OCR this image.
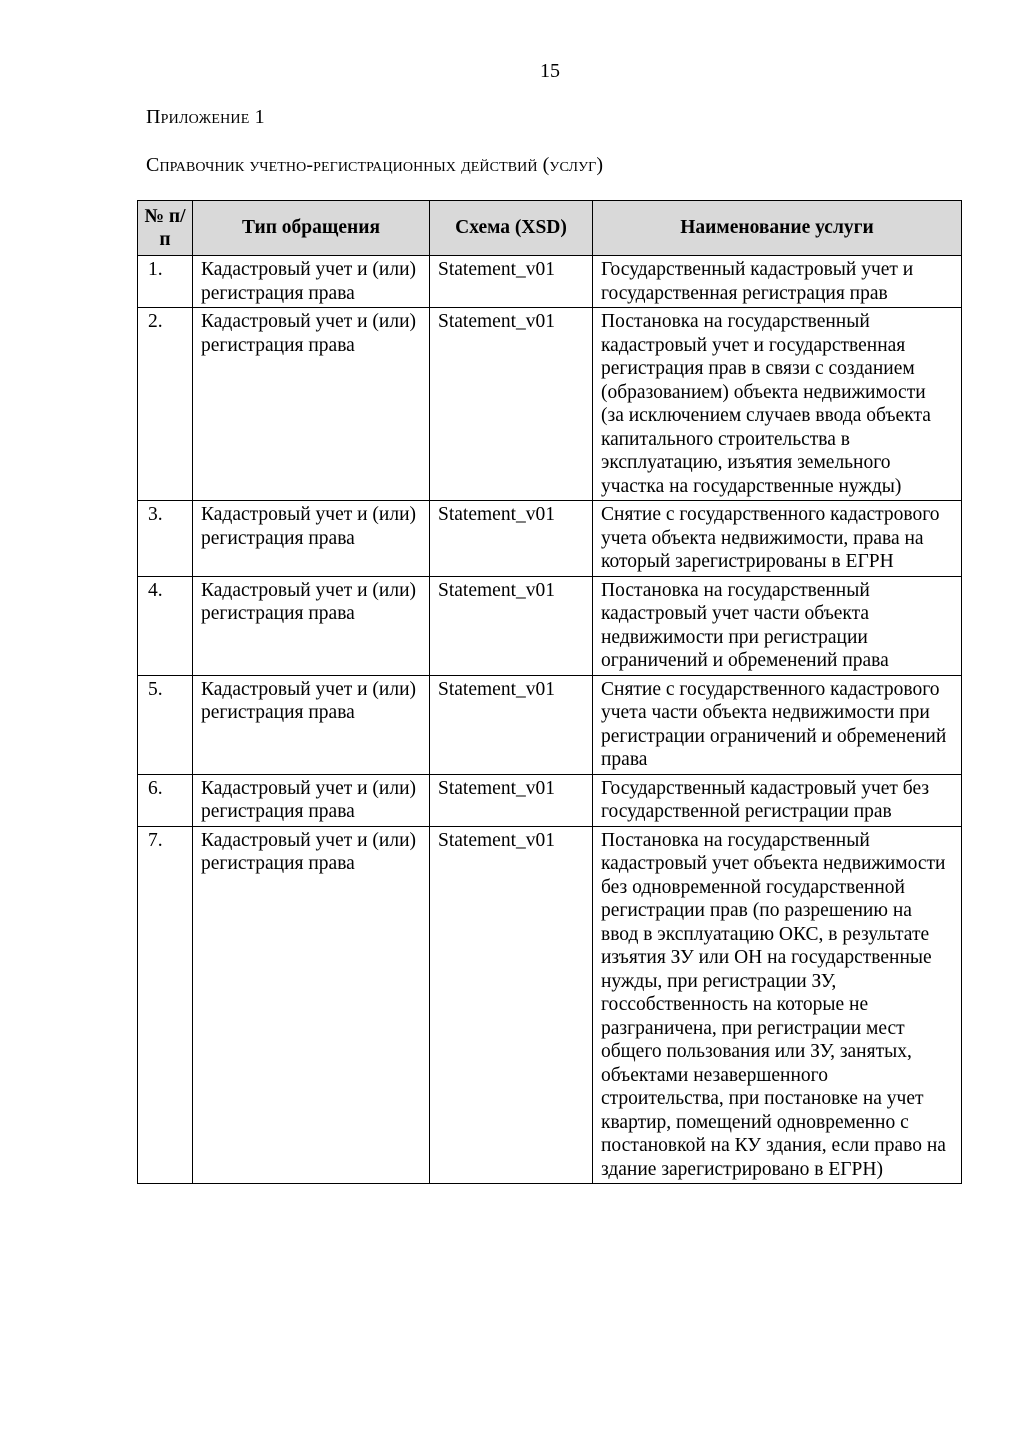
15
Приложение 1
Справочник учетно-регистрационных действий (услуг)
№ п/п	Тип обращения	Схема (XSD)	Наименование услуги
1.	Кадастровый учет и (или) регистрация права	Statement_v01	Государственный кадастровый учет и государственная регистрация прав
2.	Кадастровый учет и (или) регистрация права	Statement_v01	Постановка на государственный кадастровый учет и государственная регистрация прав в связи с созданием (образованием) объекта недвижимости (за исключением случаев ввода объекта капитального строительства в эксплуатацию, изъятия земельного участка на государственные нужды)
3.	Кадастровый учет и (или) регистрация права	Statement_v01	Снятие с государственного кадастрового учета объекта недвижимости, права на который зарегистрированы в ЕГРН
4.	Кадастровый учет и (или) регистрация права	Statement_v01	Постановка на государственный кадастровый учет части объекта недвижимости при регистрации ограничений и обременений права
5.	Кадастровый учет и (или) регистрация права	Statement_v01	Снятие с государственного кадастрового учета части объекта недвижимости при регистрации ограничений и обременений права
6.	Кадастровый учет и (или) регистрация права	Statement_v01	Государственный кадастровый учет без государственной регистрации прав
7.	Кадастровый учет и (или) регистрация права	Statement_v01	Постановка на государственный кадастровый учет объекта недвижимости без одновременной государственной регистрации прав (по разрешению на ввод в эксплуатацию ОКС, в результате изъятия ЗУ или ОН на государственные нужды, при регистрации ЗУ, госсобственность на которые не разграничена, при регистрации мест общего пользования или ЗУ, занятых, объектами незавершенного строительства, при постановке на учет квартир, помещений одновременно с постановкой на КУ здания, если право на здание зарегистрировано в ЕГРН)
